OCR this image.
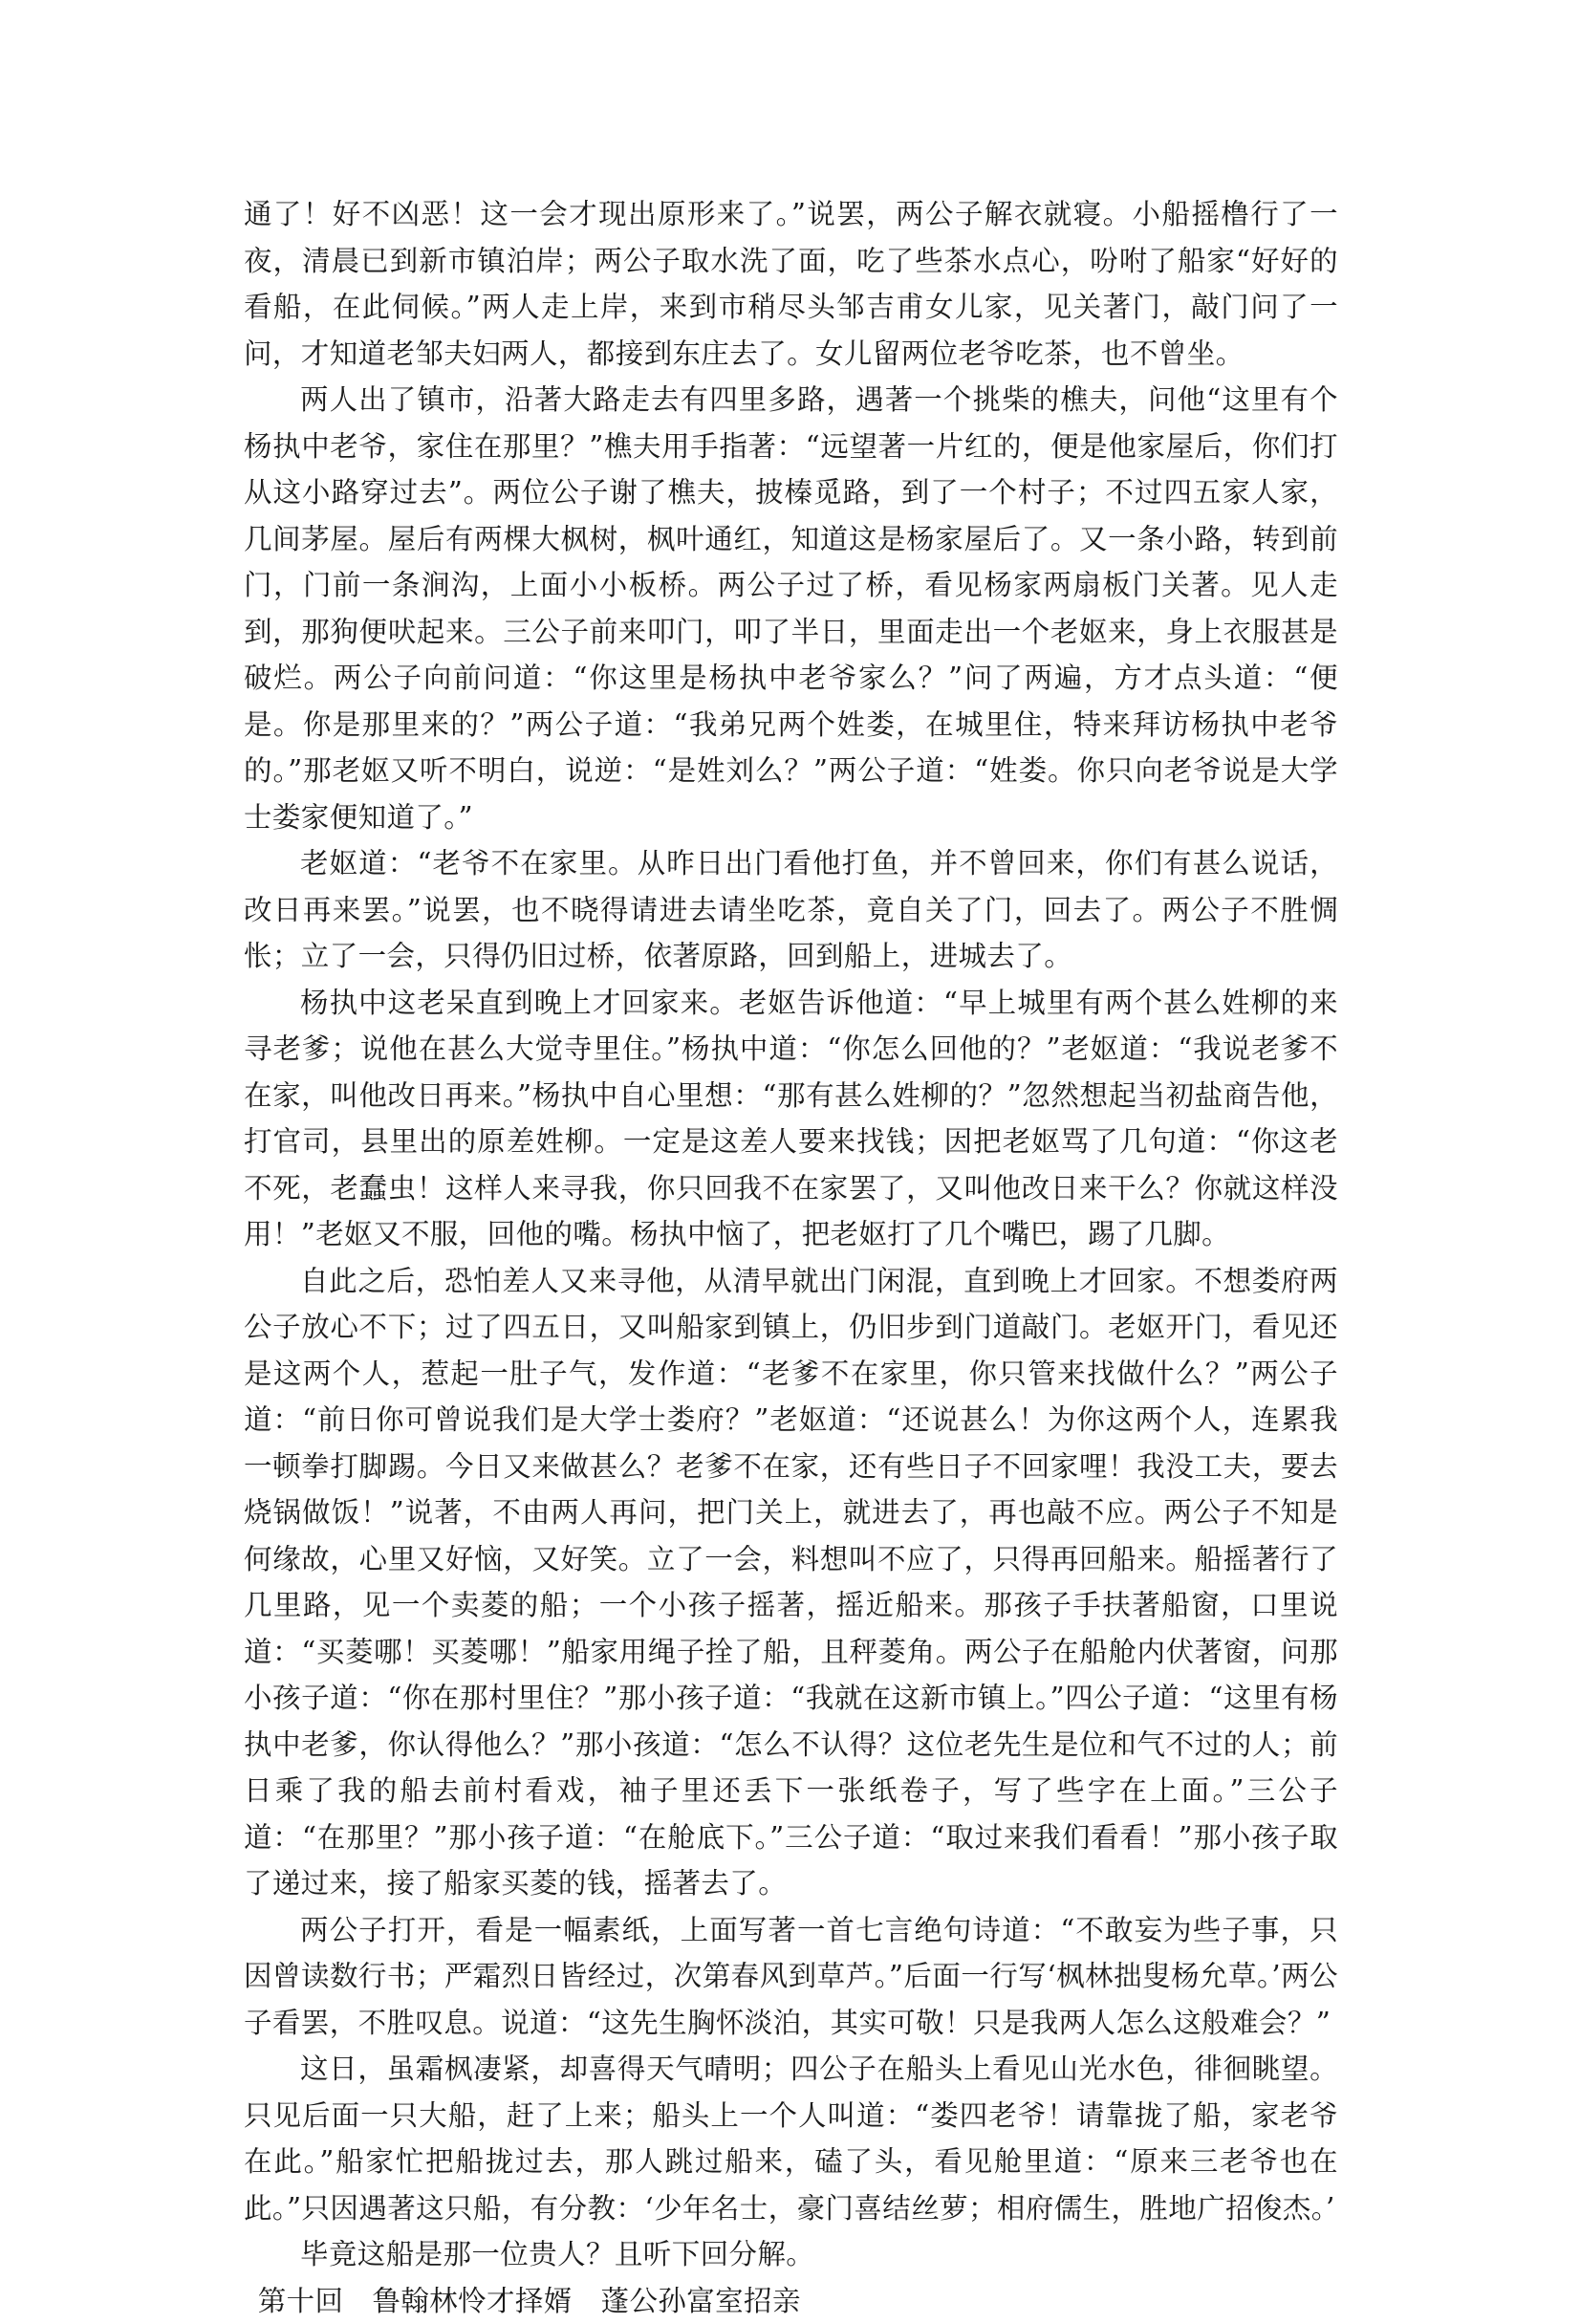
通了！好不凶恶！这一会才现出原形来了。”说罢，两公子解衣就寝。小船摇橹行了一夜，清晨已到新市镇泊岸；两公子取水洗了面，吃了些茶水点心，吩咐了船家“好好的看船，在此伺候。”两人走上岸，来到市稍尽头邹吉甫女儿家，见关著门，敲门问了一问，才知道老邹夫妇两人，都接到东庄去了。女儿留两位老爷吃茶，也不曾坐。

两人出了镇市，沿著大路走去有四里多路，遇著一个挑柴的樵夫，问他“这里有个杨执中老爷，家住在那里？”樵夫用手指著：“远望著一片红的，便是他家屋后，你们打从这小路穿过去”。两位公子谢了樵夫，披榛觅路，到了一个村子；不过四五家人家，几间茅屋。屋后有两棵大枫树，枫叶通红，知道这是杨家屋后了。又一条小路，转到前门，门前一条涧沟，上面小小板桥。两公子过了桥，看见杨家两扇板门关著。见人走到，那狗便吠起来。三公子前来叩门，叩了半日，里面走出一个老妪来，身上衣服甚是破烂。两公子向前问道：“你这里是杨执中老爷家么？”问了两遍，方才点头道：“便是。你是那里来的？”两公子道：“我弟兄两个姓娄，在城里住，特来拜访杨执中老爷的。”那老妪又听不明白，说逆：“是姓刘么？”两公子道：“姓娄。你只向老爷说是大学士娄家便知道了。”

老妪道：“老爷不在家里。从昨日出门看他打鱼，并不曾回来，你们有甚么说话，改日再来罢。”说罢，也不晓得请进去请坐吃茶，竟自关了门，回去了。两公子不胜惆怅；立了一会，只得仍旧过桥，依著原路，回到船上，进城去了。

杨执中这老呆直到晚上才回家来。老妪告诉他道：“早上城里有两个甚么姓柳的来寻老爹；说他在甚么大觉寺里住。”杨执中道：“你怎么回他的？”老妪道：“我说老爹不在家，叫他改日再来。”杨执中自心里想：“那有甚么姓柳的？”忽然想起当初盐商告他，打官司，县里出的原差姓柳。一定是这差人要来找钱；因把老妪骂了几句道：“你这老不死，老蠢虫！这样人来寻我，你只回我不在家罢了，又叫他改日来干么？你就这样没用！”老妪又不服，回他的嘴。杨执中恼了，把老妪打了几个嘴巴，踢了几脚。

自此之后，恐怕差人又来寻他，从清早就出门闲混，直到晚上才回家。不想娄府两公子放心不下；过了四五日，又叫船家到镇上，仍旧步到门道敲门。老妪开门，看见还是这两个人，惹起一肚子气，发作道：“老爹不在家里，你只管来找做什么？”两公子道：“前日你可曾说我们是大学士娄府？”老妪道：“还说甚么！为你这两个人，连累我一顿拳打脚踢。今日又来做甚么？老爹不在家，还有些日子不回家哩！我没工夫，要去烧锅做饭！”说著，不由两人再问，把门关上，就进去了，再也敲不应。两公子不知是何缘故，心里又好恼，又好笑。立了一会，料想叫不应了，只得再回船来。船摇著行了几里路，见一个卖菱的船；一个小孩子摇著，摇近船来。那孩子手扶著船窗，口里说道：“买菱哪！买菱哪！”船家用绳子拴了船，且秤菱角。两公子在船舱内伏著窗，问那小孩子道：“你在那村里住？”那小孩子道：“我就在这新市镇上。”四公子道：“这里有杨执中老爹，你认得他么？”那小孩道：“怎么不认得？这位老先生是位和气不过的人；前日乘了我的船去前村看戏，袖子里还丢下一张纸卷子，写了些字在上面。”三公子道：“在那里？”那小孩子道：“在舱底下。”三公子道：“取过来我们看看！”那小孩子取了递过来，接了船家买菱的钱，摇著去了。

两公子打开，看是一幅素纸，上面写著一首七言绝句诗道：“不敢妄为些子事，只因曾读数行书；严霜烈日皆经过，次第春风到草芦。”后面一行写‘枫林拙叟杨允草。’两公子看罢，不胜叹息。说道：“这先生胸怀淡泊，其实可敬！只是我两人怎么这般难会？”

这日，虽霜枫凄紧，却喜得天气晴明；四公子在船头上看见山光水色，徘徊眺望。只见后面一只大船，赶了上来；船头上一个人叫道：“娄四老爷！请靠拢了船，家老爷在此。”船家忙把船拢过去，那人跳过船来，磕了头，看见舱里道：“原来三老爷也在此。”只因遇著这只船，有分教：‘少年名士，豪门喜结丝萝；相府儒生，胜地广招俊杰。’

毕竟这船是那一位贵人？且听下回分解。

第十回　鲁翰林怜才择婿　蓬公孙富室招亲
